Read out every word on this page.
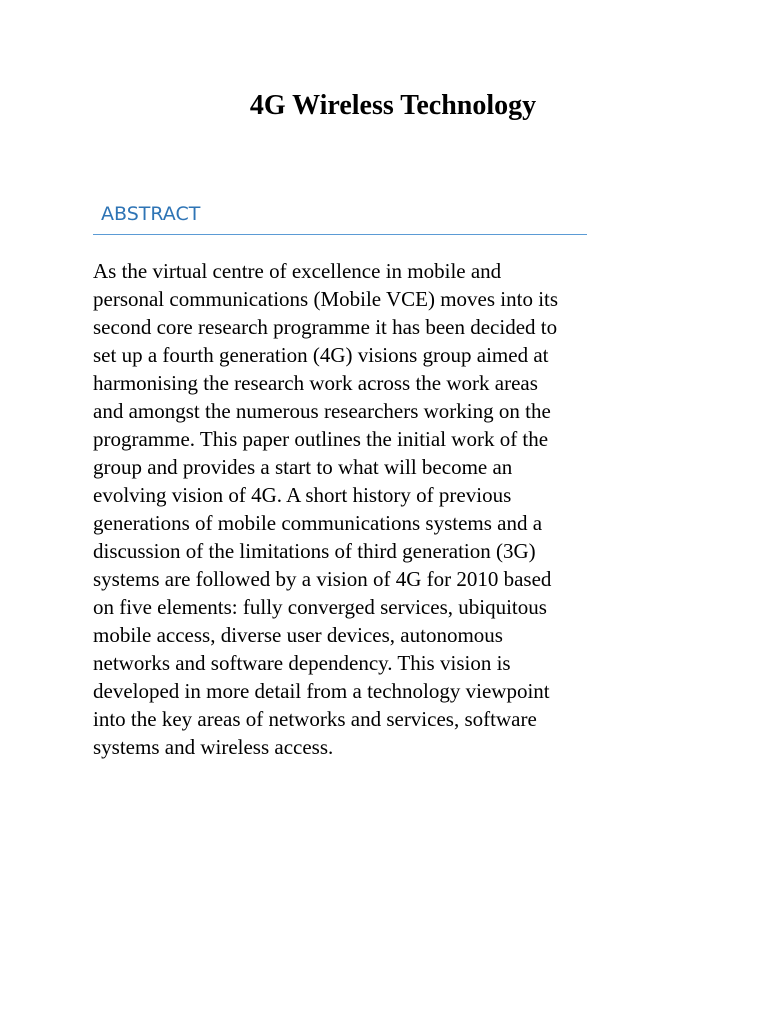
4G Wireless Technology
ABSTRACT
As the virtual centre of excellence in mobile and
personal communications (Mobile VCE) moves into its
second core research programme it has been decided to
set up a fourth generation (4G) visions group aimed at
harmonising the research work across the work areas
and amongst the numerous researchers working on the
programme. This paper outlines the initial work of the
group and provides a start to what will become an
evolving vision of 4G. A short history of previous
generations of mobile communications systems and a
discussion of the limitations of third generation (3G)
systems are followed by a vision of 4G for 2010 based
on five elements: fully converged services, ubiquitous
mobile access, diverse user devices, autonomous
networks and software dependency. This vision is
developed in more detail from a technology viewpoint
into the key areas of networks and services, software
systems and wireless access.
